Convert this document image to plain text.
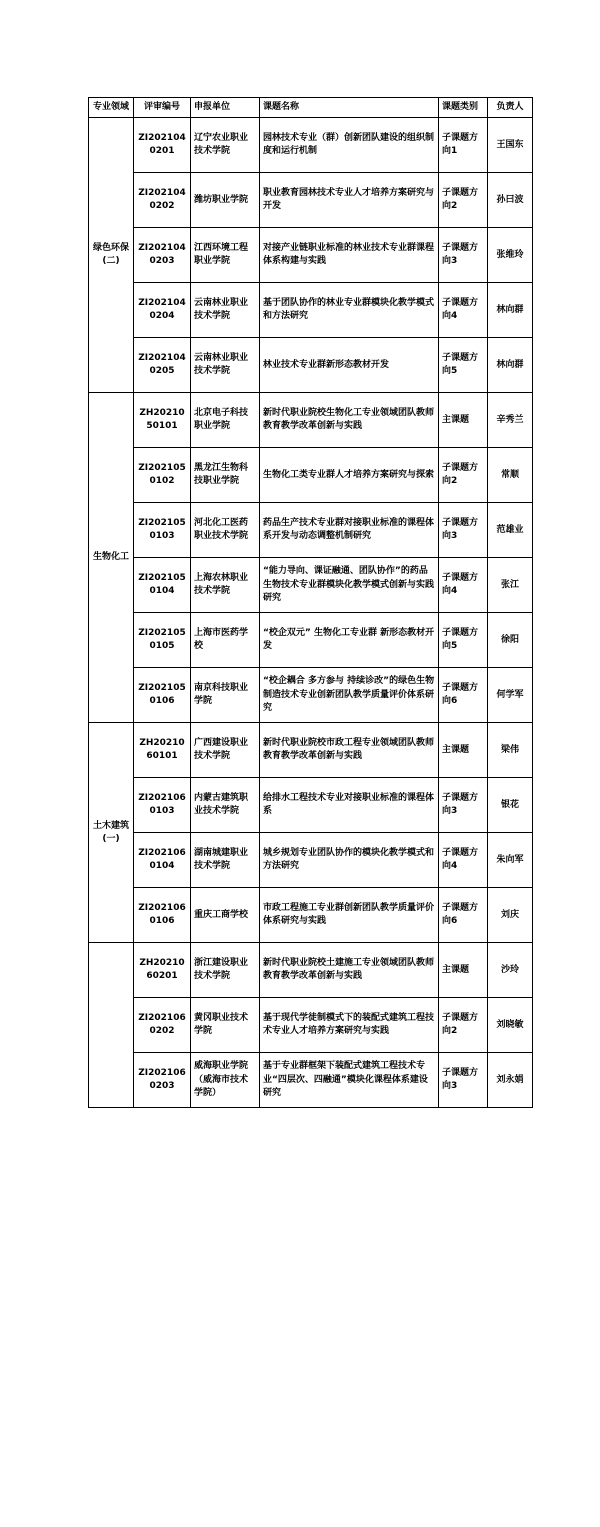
专业领域	评审编号	申报单位	课题名称	课题类别	负责人
绿色环保(二)	ZI2021040201	辽宁农业职业技术学院	园林技术专业（群）创新团队建设的组织制度和运行机制	子课题方向1	王国东
	ZI2021040202	潍坊职业学院	职业教育园林技术专业人才培养方案研究与开发	子课题方向2	孙曰波
	ZI2021040203	江西环境工程职业学院	对接产业链职业标准的林业技术专业群课程体系构建与实践	子课题方向3	张维玲
	ZI2021040204	云南林业职业技术学院	基于团队协作的林业专业群模块化教学模式和方法研究	子课题方向4	林向群
	ZI2021040205	云南林业职业技术学院	林业技术专业群新形态教材开发	子课题方向5	林向群
生物化工	ZH2021050101	北京电子科技职业学院	新时代职业院校生物化工专业领域团队教师教育教学改革创新与实践	主课题	辛秀兰
	ZI2021050102	黑龙江生物科技职业学院	生物化工类专业群人才培养方案研究与探索	子课题方向2	常顺
	ZI2021050103	河北化工医药职业技术学院	药品生产技术专业群对接职业标准的课程体系开发与动态调整机制研究	子课题方向3	范雄业
	ZI2021050104	上海农林职业技术学院	“能力导向、课证融通、团队协作”的药品生物技术专业群模块化教学模式创新与实践研究	子课题方向4	张江
	ZI2021050105	上海市医药学校	“校企双元” 生物化工专业群 新形态教材开发	子课题方向5	徐阳
	ZI2021050106	南京科技职业学院	“校企耦合 多方参与 持续诊改”的绿色生物制造技术专业创新团队教学质量评价体系研究	子课题方向6	何学军
土木建筑(一)	ZH2021060101	广西建设职业技术学院	新时代职业院校市政工程专业领域团队教师教育教学改革创新与实践	主课题	梁伟
	ZI2021060103	内蒙古建筑职业技术学院	给排水工程技术专业对接职业标准的课程体系	子课题方向3	银花
	ZI2021060104	湖南城建职业技术学院	城乡规划专业团队协作的模块化教学模式和方法研究	子课题方向4	朱向军
	ZI2021060106	重庆工商学校	市政工程施工专业群创新团队教学质量评价体系研究与实践	子课题方向6	刘庆
	ZH2021060201	浙江建设职业技术学院	新时代职业院校土建施工专业领域团队教师教育教学改革创新与实践	主课题	沙玲
	ZI2021060202	黄冈职业技术学院	基于现代学徒制模式下的装配式建筑工程技术专业人才培养方案研究与实践	子课题方向2	刘晓敏
	ZI2021060203	威海职业学院（威海市技术学院）	基于专业群框架下装配式建筑工程技术专业“四层次、四融通”模块化课程体系建设研究	子课题方向3	刘永娟
